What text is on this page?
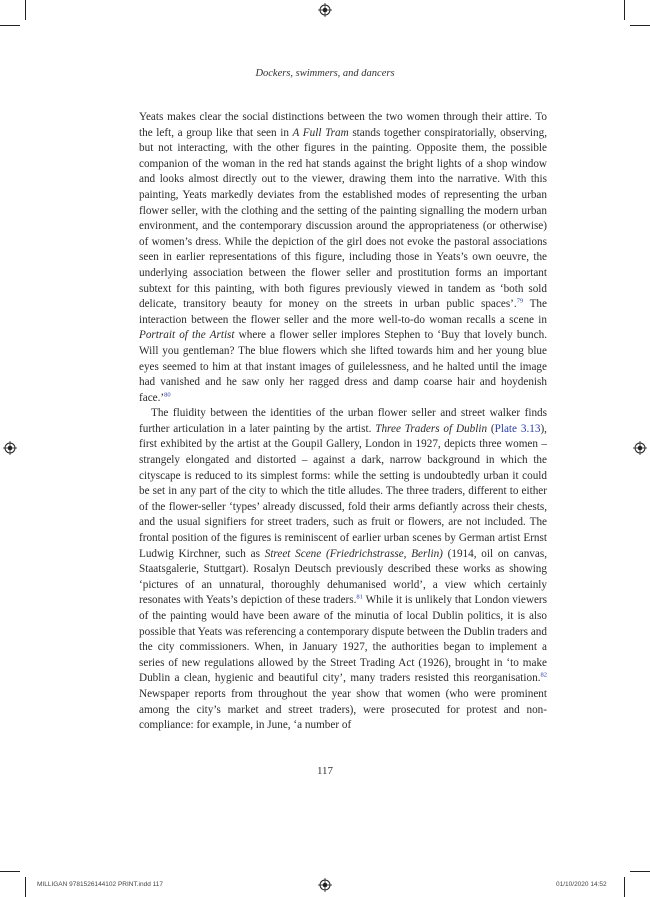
Dockers, swimmers, and dancers

Yeats makes clear the social distinctions between the two women through their attire. To the left, a group like that seen in A Full Tram stands together conspiratorially, observing, but not interacting, with the other figures in the painting. Opposite them, the possible companion of the woman in the red hat stands against the bright lights of a shop window and looks almost directly out to the viewer, drawing them into the narrative. With this painting, Yeats markedly deviates from the established modes of representing the urban flower seller, with the clothing and the setting of the painting signalling the modern urban environment, and the contemporary discussion around the appropriateness (or otherwise) of women’s dress. While the depiction of the girl does not evoke the pastoral associations seen in earlier representations of this figure, including those in Yeats’s own oeuvre, the underlying association between the flower seller and prostitution forms an important subtext for this painting, with both figures previously viewed in tandem as ‘both sold delicate, transitory beauty for money on the streets in urban public spaces’.$^{79}$ The interaction between the flower seller and the more well-to-do woman recalls a scene in Portrait of the Artist where a flower seller implores Stephen to ‘Buy that lovely bunch. Will you gentleman? The blue flowers which she lifted towards him and her young blue eyes seemed to him at that instant images of guilelessness, and he halted until the image had vanished and he saw only her ragged dress and damp coarse hair and hoydenish face.’$^{80}$

The fluidity between the identities of the urban flower seller and street walker finds further articulation in a later painting by the artist. Three Traders of Dublin (Plate 3.13), first exhibited by the artist at the Goupil Gallery, London in 1927, depicts three women – strangely elongated and distorted – against a dark, narrow background in which the cityscape is reduced to its simplest forms: while the setting is undoubtedly urban it could be set in any part of the city to which the title alludes. The three traders, different to either of the flower-seller ‘types’ already discussed, fold their arms defiantly across their chests, and the usual signifiers for street traders, such as fruit or flowers, are not included. The frontal position of the figures is reminiscent of earlier urban scenes by German artist Ernst Ludwig Kirchner, such as Street Scene (Friedrichstrasse, Berlin) (1914, oil on canvas, Staatsgalerie, Stuttgart). Rosalyn Deutsch previously described these works as showing ‘pictures of an unnatural, thoroughly dehumanised world’, a view which certainly resonates with Yeats’s depiction of these traders.$^{81}$ While it is unlikely that London viewers of the painting would have been aware of the minutia of local Dublin politics, it is also possible that Yeats was referencing a contemporary dispute between the Dublin traders and the city commissioners. When, in January 1927, the authorities began to implement a series of new regulations allowed by the Street Trading Act (1926), brought in ‘to make Dublin a clean, hygienic and beautiful city’, many traders resisted this reorganisation.$^{82}$ Newspaper reports from throughout the year show that women (who were prominent among the city’s market and street traders), were prosecuted for protest and non-compliance: for example, in June, ‘a number of

117
MILLIGAN 9781526144102 PRINT.indd 117	01/10/2020 14:52
